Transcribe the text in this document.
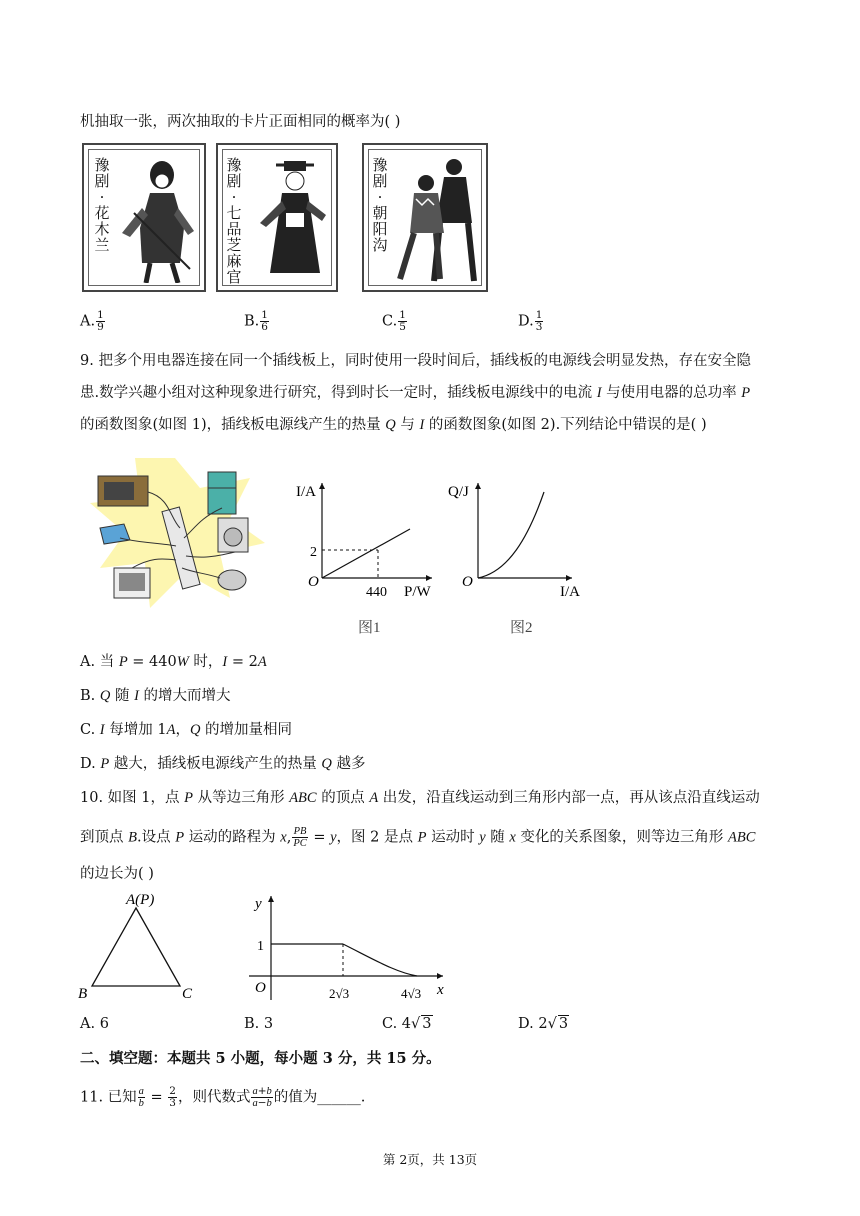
机抽取一张，两次抽取的卡片正面相同的概率为( )
豫剧·花木兰
豫剧·七品芝麻官
豫剧·朝阳沟
A. $\frac{1}{9}$	B. $\frac{1}{6}$	C. $\frac{1}{5}$	D. $\frac{1}{3}$
9. 把多个用电器连接在同一个插线板上，同时使用一段时间后，插线板的电源线会明显发热，存在安全隐
患.数学兴趣小组对这种现象进行研究，得到时长一定时，插线板电源线中的电流 I 与使用电器的总功率 P
的函数图象(如图 1)，插线板电源线产生的热量 Q 与 I 的函数图象(如图 2).下列结论中错误的是( )
I/A
P/W
O
2
440
图1
Q/J
I/A
O
图2
A. 当 P = 440W 时，I = 2A
B. Q 随 I 的增大而增大
C. I 每增加 1A，Q 的增加量相同
D. P 越大，插线板电源线产生的热量 Q 越多
10. 如图 1，点 P 从等边三角形 ABC 的顶点 A 出发，沿直线运动到三角形内部一点，再从该点沿直线运动
到顶点 B.设点 P 运动的路程为 x, $\frac{PB}{PC} = y$，图 2 是点 P 运动时 y 随 x 变化的关系图象，则等边三角形 ABC
的边长为( )
A(P)
B	C
y
x
O
1
2√3	4√3
A. 6	B. 3	C. 4√ 3	D. 2√ 3
二、填空题：本题共 5 小题，每小题 3 分，共 15 分。
11. 已知 $\frac{a}{b} = \frac{2}{3}$ ，则代数式 $\frac{a+b}{a-b}$ 的值为______.
第 2页，共 13页
